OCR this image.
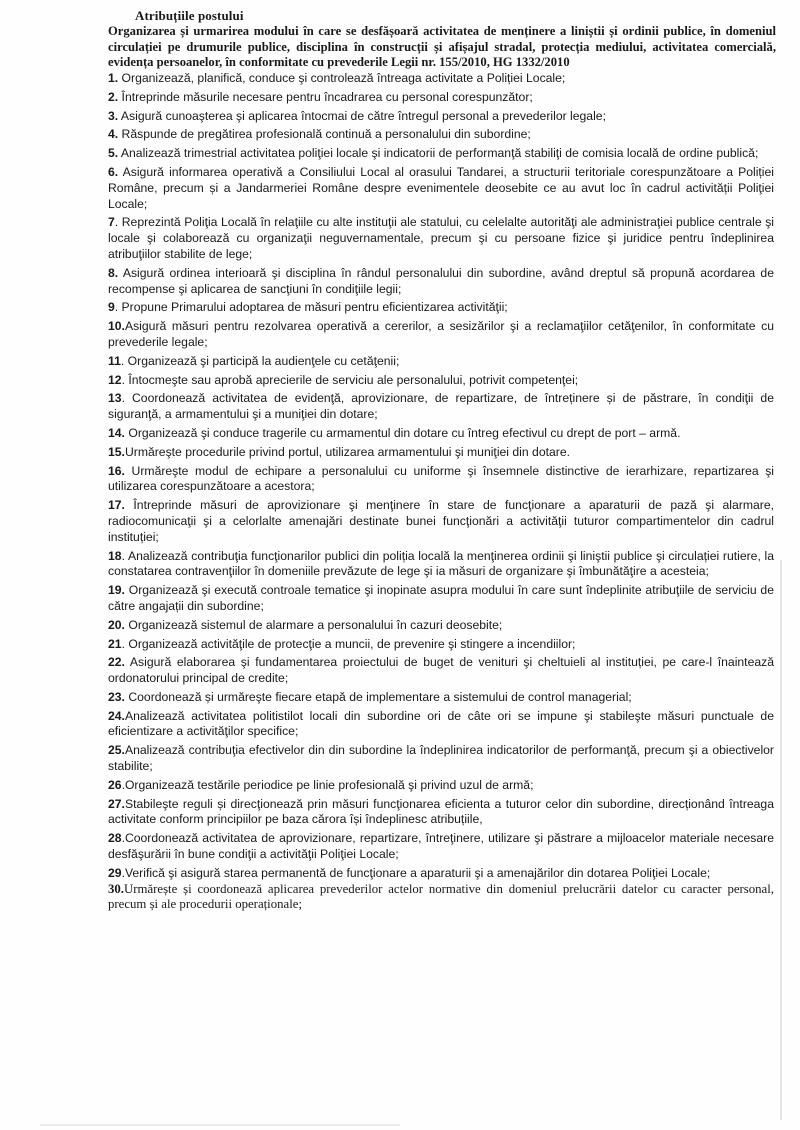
Atribuțiile postului
Organizarea și urmarirea modului în care se desfășoară activitatea de menținere a liniștii și ordinii publice, în domeniul circulației pe drumurile publice, disciplina în construcții și afișajul stradal, protecția mediului, activitatea comercială, evidența persoanelor, în conformitate cu prevederile Legii nr. 155/2010, HG 1332/2010

1. Organizează, planifică, conduce şi controlează întreaga activitate a Poliției Locale;

2. Întreprinde măsurile necesare pentru încadrarea cu personal corespunzător;

3. Asigură cunoaşterea şi aplicarea întocmai de către întregul personal a prevederilor legale;

4. Răspunde de pregătirea profesională continuă a personalului din subordine;

5. Analizează trimestrial activitatea poliţiei locale şi indicatorii de performanţă stabiliţi de comisia locală de ordine publică;

6. Asigură informarea operativă a Consiliului Local al orasului Tandarei, a structurii teritoriale corespunzătoare a Poliției Române, precum și a Jandarmeriei Române despre evenimentele deosebite ce au avut loc în cadrul activității Poliţiei Locale;

7. Reprezintă Poliţia Locală în relaţiile cu alte instituţii ale statului, cu celelalte autorităţi ale administraţiei publice centrale şi locale şi colaborează cu organizaţii neguvernamentale, precum şi cu persoane fizice şi juridice pentru îndeplinirea atribuţiilor stabilite de lege;

8. Asigură ordinea interioară şi disciplina în rândul personalului din subordine, având dreptul să propună acordarea de recompense şi aplicarea de sancţiuni în condiţiile legii;

9. Propune Primarului adoptarea de măsuri pentru eficientizarea activităţii;

10.Asigură măsuri pentru rezolvarea operativă a cererilor, a sesizărilor şi a reclamaţiilor cetăţenilor, în conformitate cu prevederile legale;

11. Organizează şi participă la audienţele cu cetăţenii;

12. Întocmeşte sau aprobă aprecierile de serviciu ale personalului, potrivit competenţei;

13. Coordonează activitatea de evidenţă, aprovizionare, de repartizare, de întreținere și de păstrare, în condiţii de siguranţă, a armamentului şi a muniţiei din dotare;

14. Organizează şi conduce tragerile cu armamentul din dotare cu întreg efectivul cu drept de port – armă.

15.Urmăreşte procedurile privind portul, utilizarea armamentului şi muniţiei din dotare.

16. Urmăreşte modul de echipare a personalului cu uniforme şi însemnele distinctive de ierarhizare, repartizarea şi utilizarea corespunzătoare a acestora;

17. Întreprinde măsuri de aprovizionare şi menţinere în stare de funcţionare a aparaturii de pază şi alarmare, radiocomunicaţii şi a celorlalte amenajări destinate bunei funcţionări a activităţii tuturor compartimentelor din cadrul instituției;

18. Analizează contribuţia funcţionarilor publici din poliția locală la menţinerea ordinii şi liniştii publice şi circulației rutiere, la constatarea contravenţiilor în domeniile prevăzute de lege şi ia măsuri de organizare şi îmbunătăţire a acesteia;

19. Organizează şi execută controale tematice şi inopinate asupra modului în care sunt îndeplinite atribuţiile de serviciu de către angajații din subordine;

20. Organizează sistemul de alarmare a personalului în cazuri deosebite;

21. Organizează activităţile de protecţie a muncii, de prevenire şi stingere a incendiilor;

22. Asigură elaborarea şi fundamentarea proiectului de buget de venituri şi cheltuieli al instituției, pe care-l înaintează ordonatorului principal de credite;

23. Coordonează și urmăreşte fiecare etapă de implementare a sistemului de control managerial;

24.Analizează activitatea politistilot locali din subordine ori de câte ori se impune şi stabileşte măsuri punctuale de eficientizare a activităţilor specifice;

25.Analizează contribuţia efectivelor din din subordine la îndeplinirea indicatorilor de performanţă, precum şi a obiectivelor stabilite;

26.Organizează testările periodice pe linie profesională şi privind uzul de armă;

27.Stabileşte reguli și direcţionează prin măsuri funcţionarea eficienta a tuturor celor din subordine, direcționând întreaga activitate conform principiilor pe baza cărora își îndeplinesc atribuțiile,

28.Coordonează activitatea de aprovizionare, repartizare, întreţinere, utilizare şi păstrare a mijloacelor materiale necesare desfăşurării în bune condiţii a activităţii Poliţiei Locale;

29.Verifică şi asigură starea permanentă de funcţionare a aparaturii şi a amenajărilor din dotarea Poliţiei Locale;

30.Urmărește și coordonează aplicarea prevederilor actelor normative din domeniul prelucrării datelor cu caracter personal, precum și ale procedurii operaționale;
